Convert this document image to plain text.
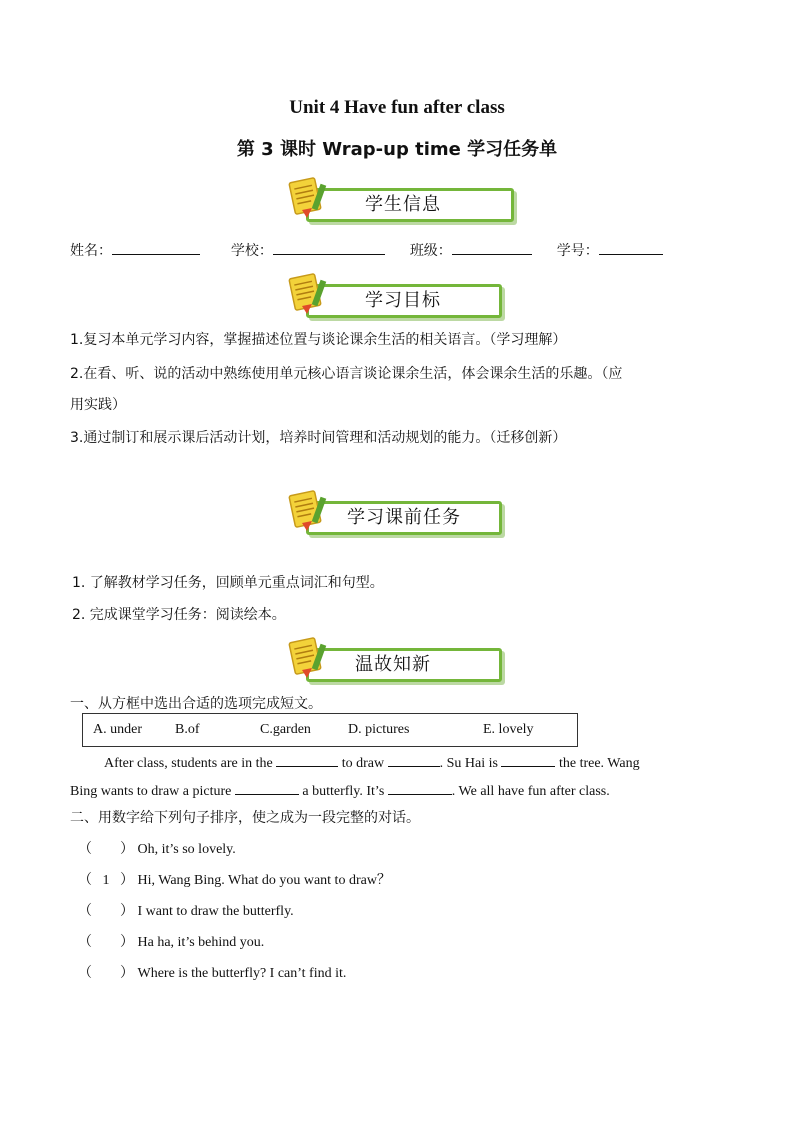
Unit 4 Have fun after class
第 3 课时 Wrap-up time 学习任务单
学生信息
姓名：	学校：	班级：	学号：
学习目标
1.复习本单元学习内容，掌握描述位置与谈论课余生活的相关语言。（学习理解）
2.在看、听、说的活动中熟练使用单元核心语言谈论课余生活，体会课余生活的乐趣。（应
用实践）
3.通过制订和展示课后活动计划，培养时间管理和活动规划的能力。（迁移创新）
学习课前任务
1. 了解教材学习任务，回顾单元重点词汇和句型。
2. 完成课堂学习任务：阅读绘本。
温故知新
一、从方框中选出合适的选项完成短文。
A. under B.of	C.garden	D. pictures	E. lovely
After class, students are in the	to draw	. Su Hai is	the tree. Wang
Bing wants to draw a picture	a butterfly. It’s	. We all have fun after class.
二、用数字给下列句子排序，使之成为一段完整的对话。
（ ） Oh, it’s so lovely.
（ 1 ） Hi, Wang Bing. What do you want to draw？
（ ） I want to draw the butterfly.
（ ） Ha ha, it’s behind you.
（ ） Where is the butterfly? I can’t find it.
